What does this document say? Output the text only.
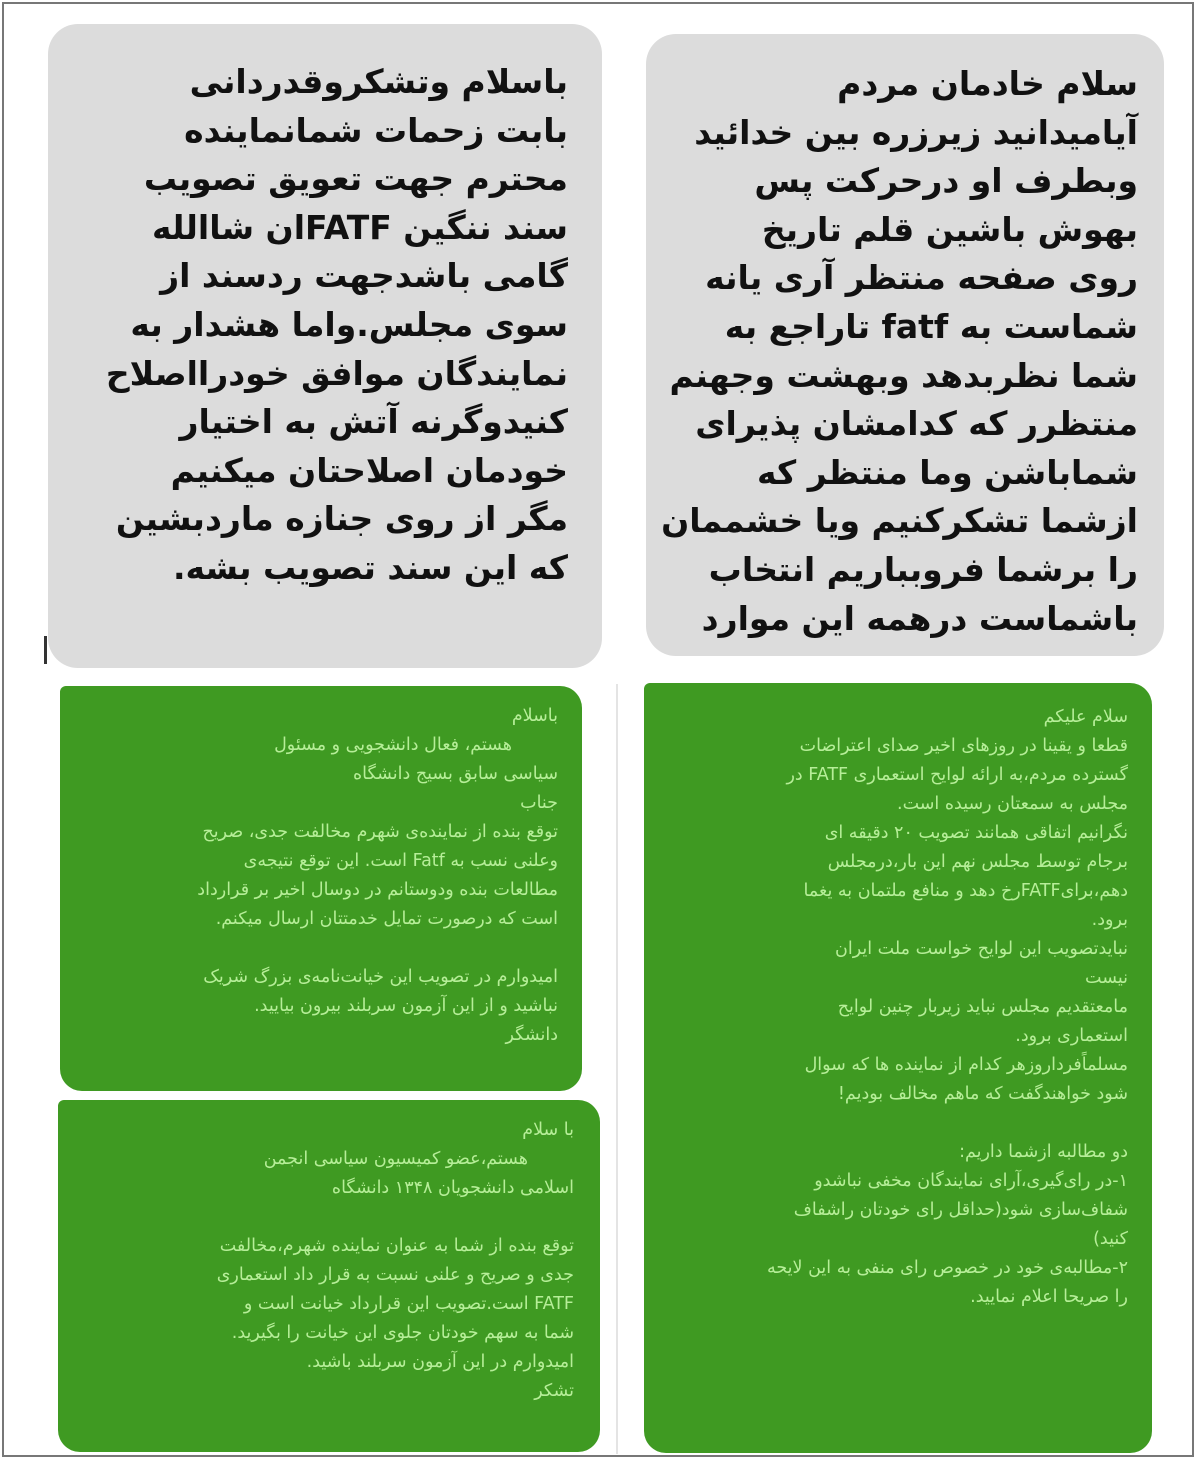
باسلام وتشکروقدردانی
بابت زحمات شمانماینده
محترم جهت تعویق تصویب
سند ننگین FATFان شاالله
گامی باشدجهت ردسند از
سوی مجلس.واما هشدار به
نمایندگان موافق خودرااصلاح
کنیدوگرنه آتش به اختیار
خودمان اصلاحتان میکنیم
مگر از روی جنازه ماردبشین
که این سند تصویب بشه.
سلام خادمان مردم
آیامیدانید زیرزره بین خدائید
وبطرف او درحرکت پس
بهوش باشین قلم تاریخ
روی صفحه منتظر آری یانه
شماست به fatf تاراجع به
شما نظربدهد وبهشت وجهنم
منتظرر که کدامشان پذیرای
شماباشن وما منتظر که
ازشما تشکرکنیم ویا خشممان
را برشما فروبباریم انتخاب
باشماست درهمه این موارد
باسلام
هستم، فعال دانشجویی و مسئول
سیاسی سابق بسیج دانشگاه
جناب
توقع بنده از نماینده‌ی شهرم مخالفت جدی، صریح
وعلنی نسب به Fatf است. این توقع نتیجه‌ی
مطالعات بنده ودوستانم در دوسال اخیر بر قرارداد
است که درصورت تمایل خدمتتان ارسال میکنم.
امیدوارم در تصویب این خیانت‌نامه‌ی بزرگ شریک
نباشید و از این آزمون سربلند بیرون بیایید.
دانشگر
با سلام
هستم،عضو کمیسیون سیاسی انجمن
اسلامی دانشجویان ۱۳۴۸ دانشگاه
توقع بنده از شما به عنوان نماینده شهرم،مخالفت
جدی و صریح و علنی نسبت به قرار داد استعماری
FATF است.تصویب این قرارداد خیانت است و
شما به سهم خودتان جلوی این خیانت را بگیرید.
امیدوارم در این آزمون سربلند باشید.
تشکر
سلام علیکم
قطعا و یقینا در روزهای اخیر صدای اعتراضات
گسترده مردم،به ارائه لوایح استعماری FATF در
مجلس به سمعتان رسیده است.
نگرانیم اتفاقی همانند تصویب ۲۰ دقیقه ای
برجام توسط مجلس نهم این بار،درمجلس
دهم،برایFATFرخ دهد و منافع ملتمان به یغما
برود.
نبایدتصویب این لوایح خواست ملت ایران
نیست
مامعتقدیم مجلس نباید زیربار چنین لوایح
استعماری برود.
مسلماًفرداروزهر کدام از نماینده ها که سوال
شود خواهندگفت که ماهم مخالف بودیم!
دو مطالبه ازشما داریم:
۱-در رای‌گیری،آرای نمایندگان مخفی نباشدو
شفاف‌سازی شود(حداقل رای خودتان راشفاف
کنید)
۲-مطالبه‌ی خود در خصوص رای منفی به این لایحه
را صریحا اعلام نمایید.
